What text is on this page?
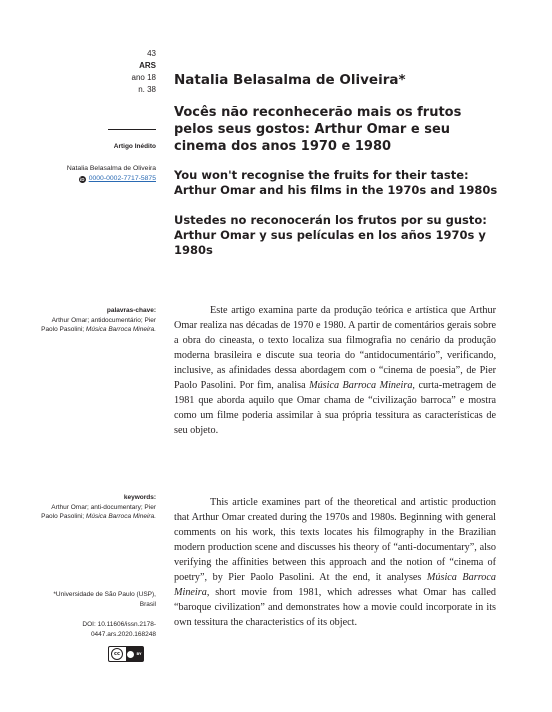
43
ARS
ano 18
n. 38
Artigo Inédito
Natalia Belasalma de Oliveira
iD 0000-0002-7717-5875
Natalia Belasalma de Oliveira*
Vocês não reconhecerão mais os frutos pelos seus gostos: Arthur Omar e seu cinema dos anos 1970 e 1980
You won't recognise the fruits for their taste: Arthur Omar and his films in the 1970s and 1980s
Ustedes no reconocerán los frutos por su gusto: Arthur Omar y sus películas en los años 1970s y 1980s
palavras-chave:
Arthur Omar; antidocumentário; Pier Paolo Pasolini; Música Barroca Mineira.

Este artigo examina parte da produção teórica e artística que Arthur Omar realiza nas décadas de 1970 e 1980. A partir de comentários gerais sobre a obra do cineasta, o texto localiza sua filmografia no cenário da produção moderna brasileira e discute sua teoria do “antidocumentário”, verificando, inclusive, as afinidades dessa abordagem com o “cinema de poesia”, de Pier Paolo Pasolini. Por fim, analisa Música Barroca Mineira, curta-metragem de 1981 que aborda aquilo que Omar chama de “civilização barroca” e mostra como um filme poderia assimilar à sua própria tessitura as características de seu objeto.

keywords:
Arthur Omar; anti-documentary; Pier Paolo Pasolini; Música Barroca Mineira.

This article examines part of the theoretical and artistic production that Arthur Omar created during the 1970s and 1980s. Beginning with general comments on his work, this texts locates his filmography in the Brazilian modern production scene and discusses his theory of “anti-documentary”, also verifying the affinities between this approach and the notion of “cinema of poetry”, by Pier Paolo Pasolini. At the end, it analyses Música Barroca Mineira, short movie from 1981, which adresses what Omar has called “baroque civilization” and demonstrates how a movie could incorporate in its own tessitura the characteristics of its object.

*Universidade de São Paulo (USP), Brasil
DOI: 10.11606/issn.2178-0447.ars.2020.168248
cc	BY
